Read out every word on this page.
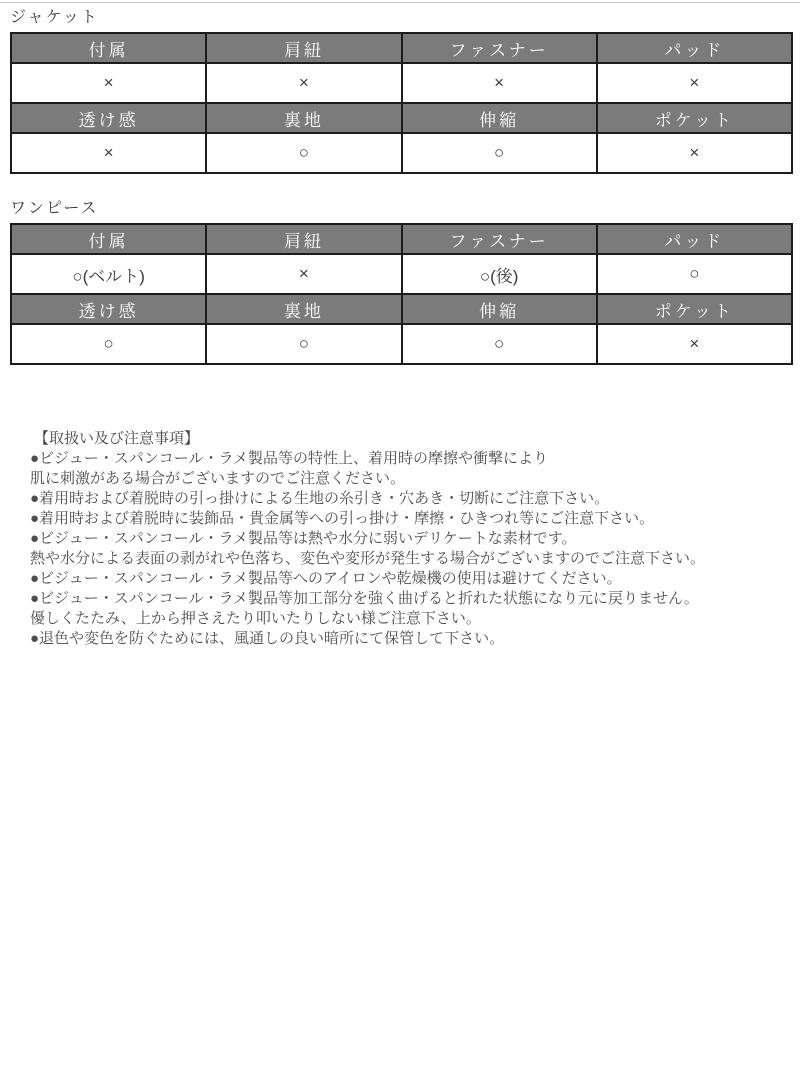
ジャケット
付属	肩紐	ファスナー	パッド
×	×	×	×
透け感	裏地	伸縮	ポケット
×	○	○	×
ワンピース
付属	肩紐	ファスナー	パッド
○(ベルト)	×	○(後)	○
透け感	裏地	伸縮	ポケット
○	○	○	×
【取扱い及び注意事項】
●ビジュー・スパンコール・ラメ製品等の特性上、着用時の摩擦や衝撃により
肌に刺激がある場合がございますのでご注意ください。
●着用時および着脱時の引っ掛けによる生地の糸引き・穴あき・切断にご注意下さい。
●着用時および着脱時に装飾品・貴金属等への引っ掛け・摩擦・ひきつれ等にご注意下さい。
●ビジュー・スパンコール・ラメ製品等は熱や水分に弱いデリケートな素材です。
熱や水分による表面の剥がれや色落ち、変色や変形が発生する場合がございますのでご注意下さい。
●ビジュー・スパンコール・ラメ製品等へのアイロンや乾燥機の使用は避けてください。
●ビジュー・スパンコール・ラメ製品等加工部分を強く曲げると折れた状態になり元に戻りません。
優しくたたみ、上から押さえたり叩いたりしない様ご注意下さい。
●退色や変色を防ぐためには、風通しの良い暗所にて保管して下さい。
